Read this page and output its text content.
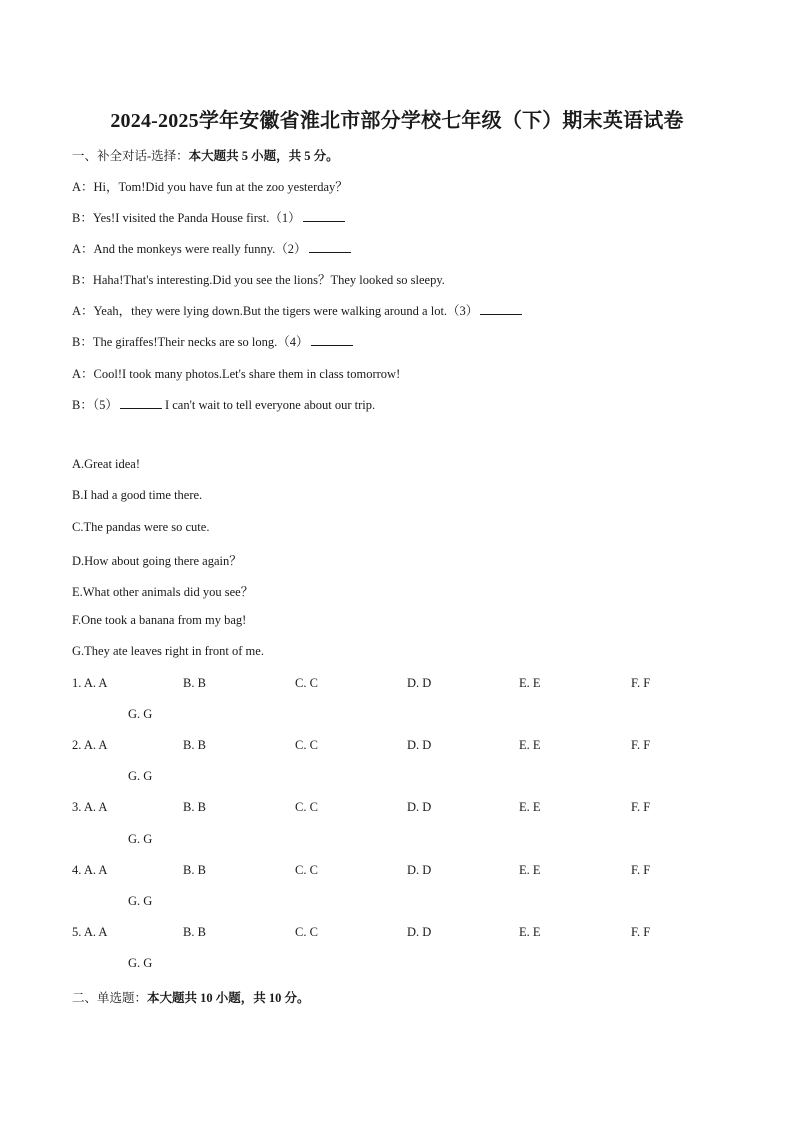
2024-2025学年安徽省淮北市部分学校七年级（下）期末英语试卷
一、补全对话-选择：本大题共 5 小题，共 5 分。
A：Hi，Tom!Did you have fun at the zoo yesterday？
B：Yes!I visited the Panda House first.（1）
A：And the monkeys were really funny.（2）
B：Haha!That's interesting.Did you see the lions？They looked so sleepy.
A：Yeah，they were lying down.But the tigers were walking around a lot.（3）
B：The giraffes!Their necks are so long.（4）
A：Cool!I took many photos.Let's share them in class tomorrow!
B：（5）	I can't wait to tell everyone about our trip.
A.Great idea!
B.I had a good time there.
C.The pandas were so cute.
D.How about going there again？
E.What other animals did you see？
F.One took a banana from my bag!
G.They ate leaves right in front of me.
1. A. A	B. B	C. C	D. D	E. E	F. F
G. G
2. A. A	B. B	C. C	D. D	E. E	F. F
G. G
3. A. A	B. B	C. C	D. D	E. E	F. F
G. G
4. A. A	B. B	C. C	D. D	E. E	F. F
G. G
5. A. A	B. B	C. C	D. D	E. E	F. F
G. G
二、单选题：本大题共 10 小题，共 10 分。
